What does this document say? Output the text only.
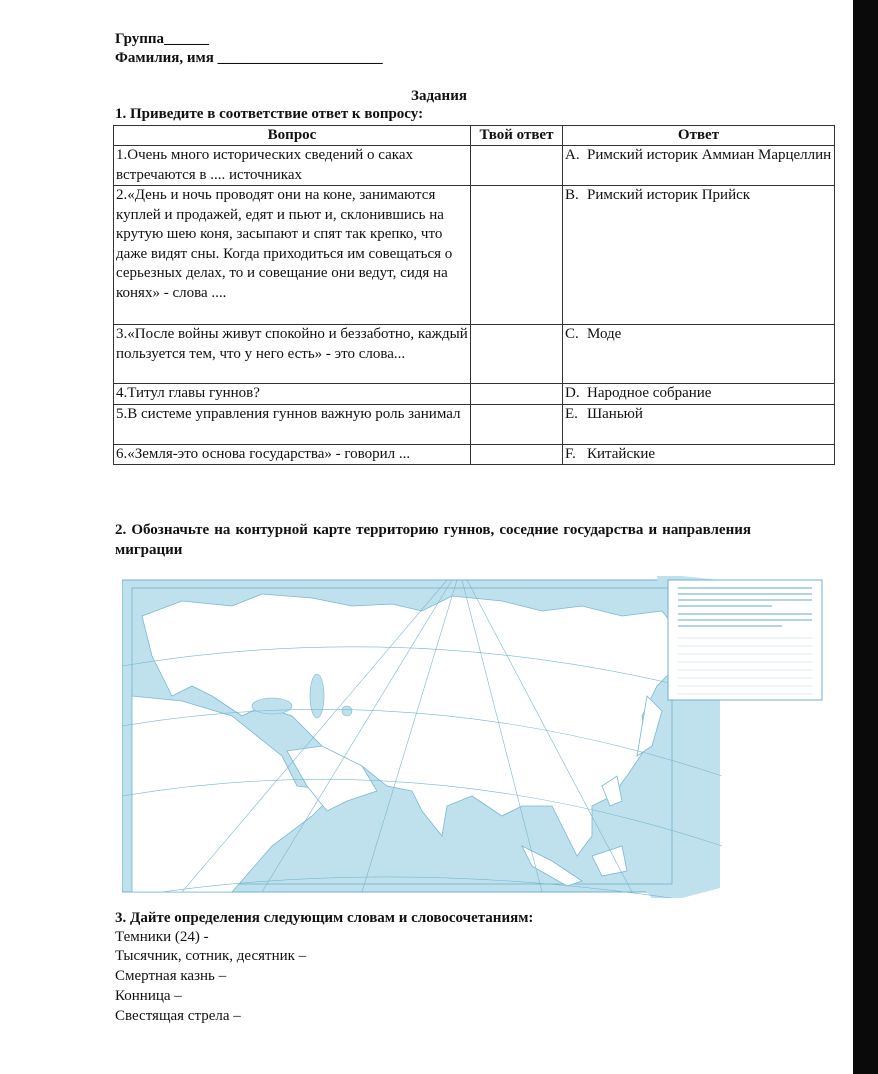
Группа______
Фамилия, имя ______________________
Задания
1. Приведите в соответствие ответ к вопросу:
Вопрос	Твой ответ	Ответ
1.Очень много исторических сведений о саках встречаются в .... источниках		A. Римский историк Аммиан Марцеллин

2.«День и ночь проводят они на коне, занимаются куплей и продажей, едят и пьют и, склонившись на крутую шею коня, засыпают и спят так крепко, что даже видят сны. Когда приходиться им совещаться о серьезных делах, то и совещание они ведут, сидя на конях» - слова ....		B. Римский историк Прийск

3.«После войны живут спокойно и беззаботно, каждый пользуется тем, что у него есть» - это слова...		C. Моде

4.Титул главы гуннов?		D. Народное собрание

5.В системе управления гуннов важную роль занимал		E. Шаньюй

6.«Земля-это основа государства» - говорил ...		F. Китайские
2. Обозначьте на контурной карте территорию гуннов, соседние государства и направления миграции
3. Дайте определения следующим словам и словосочетаниям:
Темники (24) -
Тысячник, сотник, десятник –
Смертная казнь –
Конница –
Свестящая стрела –
